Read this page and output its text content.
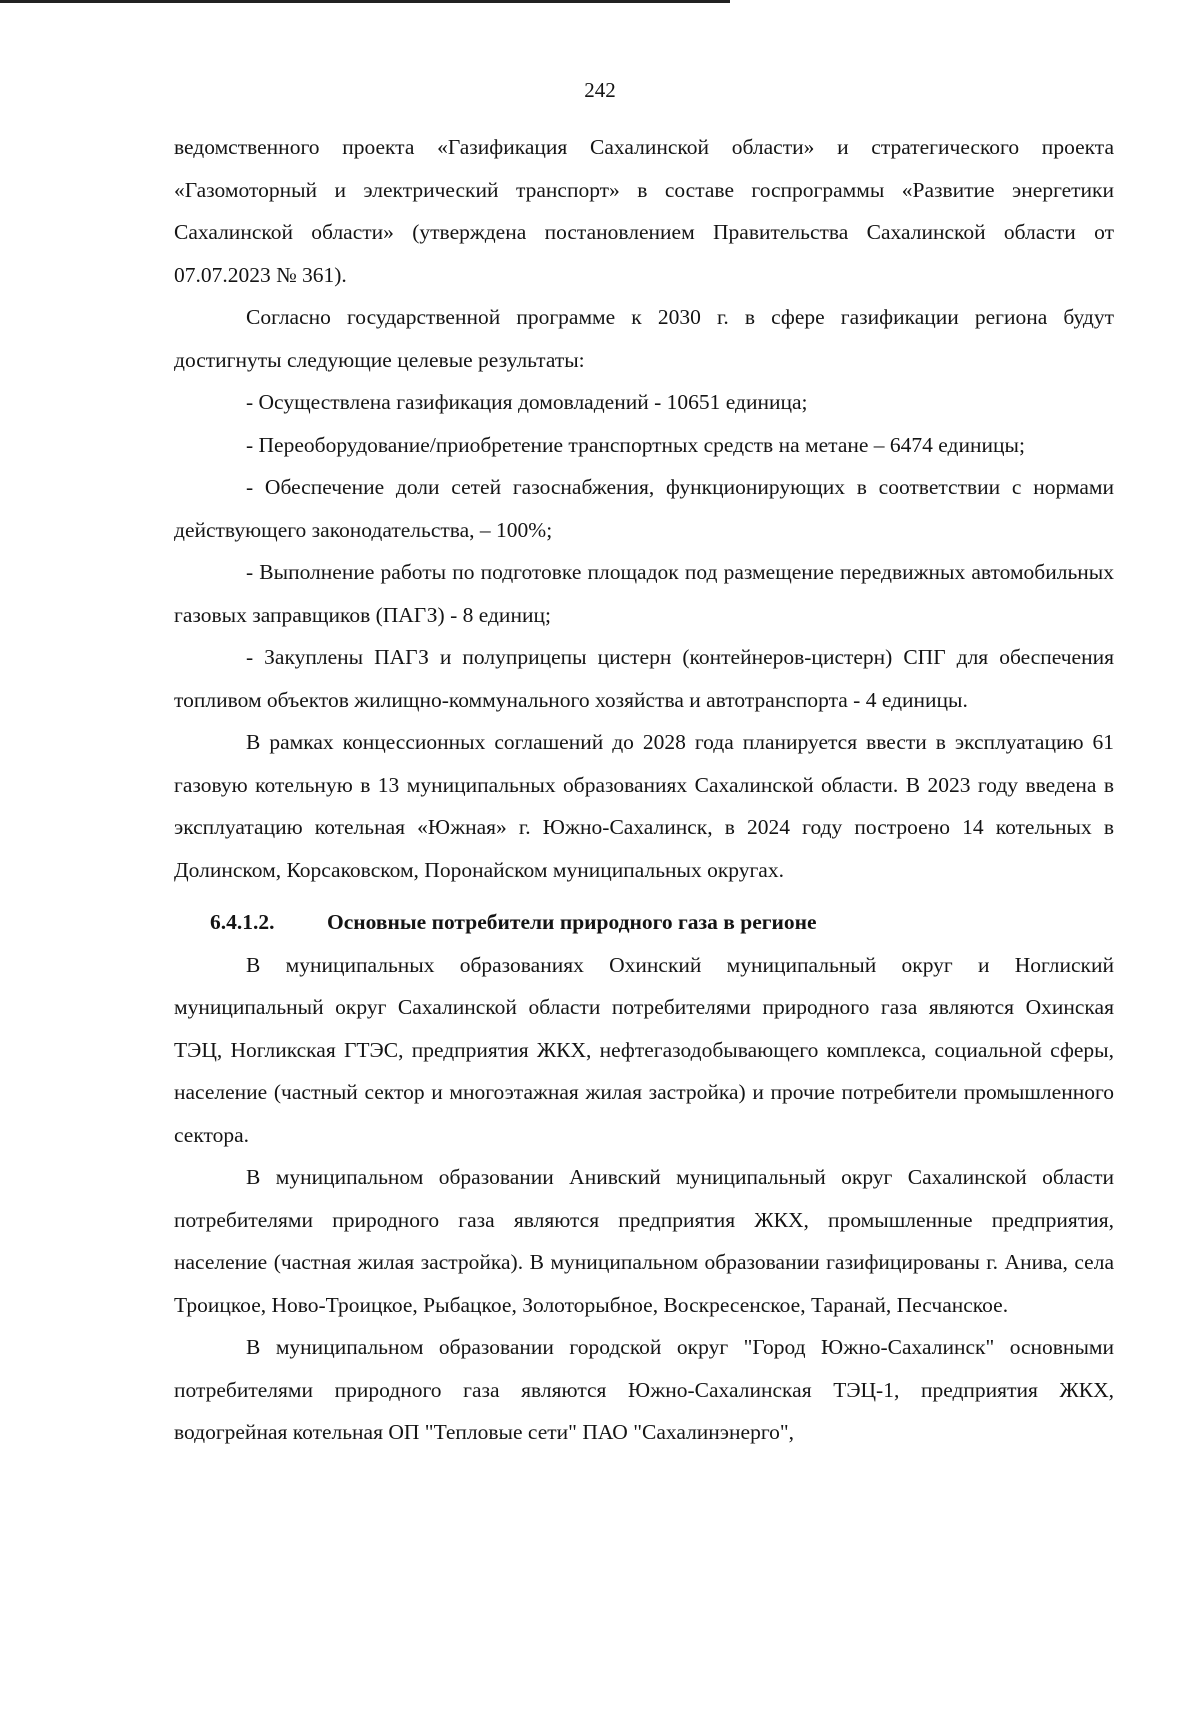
242

ведомственного проекта «Газификация Сахалинской области» и стратегического проекта «Газомоторный и электрический транспорт» в составе госпрограммы «Развитие энергетики Сахалинской области» (утверждена постановлением Правительства Сахалинской области от 07.07.2023 № 361).

Согласно государственной программе к 2030 г. в сфере газификации региона будут достигнуты следующие целевые результаты:

- Осуществлена газификация домовладений - 10651 единица;

- Переоборудование/приобретение транспортных средств на метане – 6474 единицы;

- Обеспечение доли сетей газоснабжения, функционирующих в соответствии с нормами действующего законодательства, – 100%;

- Выполнение работы по подготовке площадок под размещение передвижных автомобильных газовых заправщиков (ПАГЗ) - 8 единиц;

- Закуплены ПАГЗ и полуприцепы цистерн (контейнеров-цистерн) СПГ для обеспечения топливом объектов жилищно-коммунального хозяйства и автотранспорта - 4 единицы.

В рамках концессионных соглашений до 2028 года планируется ввести в эксплуатацию 61 газовую котельную в 13 муниципальных образованиях Сахалинской области. В 2023 году введена в эксплуатацию котельная «Южная» г. Южно-Сахалинск, в 2024 году построено 14 котельных в Долинском, Корсаковском, Поронайском муниципальных округах.

6.4.1.2. Основные потребители природного газа в регионе

В муниципальных образованиях Охинский муниципальный округ и Ноглиский муниципальный округ Сахалинской области потребителями природного газа являются Охинская ТЭЦ, Ногликская ГТЭС, предприятия ЖКХ, нефтегазодобывающего комплекса, социальной сферы, население (частный сектор и многоэтажная жилая застройка) и прочие потребители промышленного сектора.

В муниципальном образовании Анивский муниципальный округ Сахалинской области потребителями природного газа являются предприятия ЖКХ, промышленные предприятия, население (частная жилая застройка). В муниципальном образовании газифицированы г. Анива, села Троицкое, Ново-Троицкое, Рыбацкое, Золоторыбное, Воскресенское, Таранай, Песчанское.

В муниципальном образовании городской округ "Город Южно-Сахалинск" основными потребителями природного газа являются Южно-Сахалинская ТЭЦ-1, предприятия ЖКХ, водогрейная котельная ОП "Тепловые сети" ПАО "Сахалинэнерго",
